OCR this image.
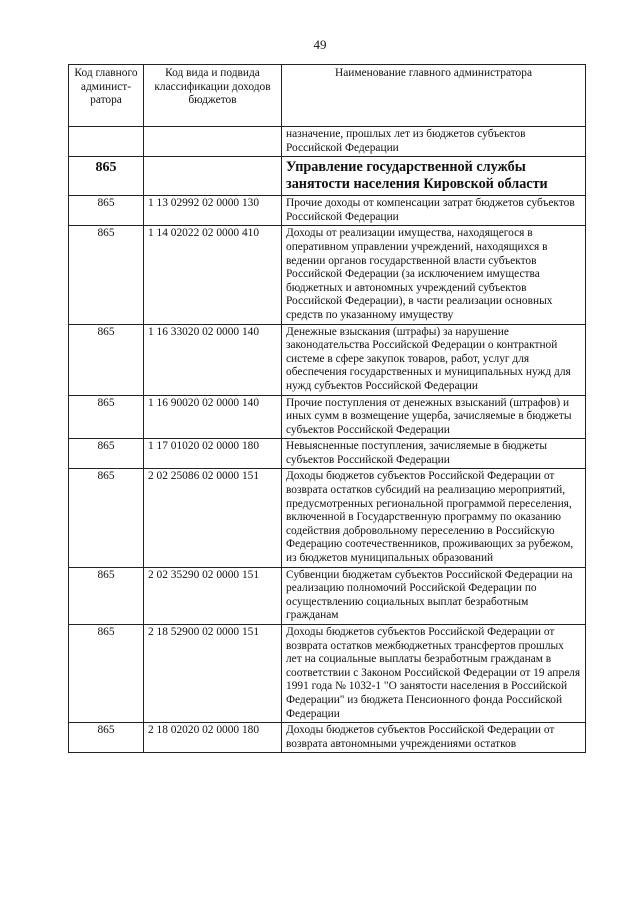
49
Код главного админист-ратора	Код вида и подвида классификации доходов бюджетов	Наименование главного администратора
		назначение, прошлых лет из бюджетов субъектов Российской Федерации
865		Управление государственной службы занятости населения Кировской области
865	1 13 02992 02 0000 130	Прочие доходы от компенсации затрат бюджетов субъектов Российской Федерации
865	1 14 02022 02 0000 410	Доходы от реализации имущества, находящегося в оперативном управлении учреждений, находящихся в ведении органов государственной власти субъектов Российской Федерации (за исключением имущества бюджетных и автономных учреждений субъектов Российской Федерации), в части реализации основных средств по указанному имуществу
865	1 16 33020 02 0000 140	Денежные взыскания (штрафы) за нарушение законодательства Российской Федерации о контрактной системе в сфере закупок товаров, работ, услуг для обеспечения государственных и муниципальных нужд для нужд субъектов Российской Федерации
865	1 16 90020 02 0000 140	Прочие поступления от денежных взысканий (штрафов) и иных сумм в возмещение ущерба, зачисляемые в бюджеты субъектов Российской Федерации
865	1 17 01020 02 0000 180	Невыясненные поступления, зачисляемые в бюджеты субъектов Российской Федерации
865	2 02 25086 02 0000 151	Доходы бюджетов субъектов Российской Федерации от возврата остатков субсидий на реализацию мероприятий, предусмотренных региональной программой переселения, включенной в Государственную программу по оказанию содействия добровольному переселению в Российскую Федерацию соотечественников, проживающих за рубежом, из бюджетов муниципальных образований
865	2 02 35290 02 0000 151	Субвенции бюджетам субъектов Российской Федерации на реализацию полномочий Российской Федерации по осуществлению социальных выплат безработным гражданам
865	2 18 52900 02 0000 151	Доходы бюджетов субъектов Российской Федерации от возврата остатков межбюджетных трансфертов прошлых лет на социальные выплаты безработным гражданам в соответствии с Законом Российской Федерации от 19 апреля 1991 года № 1032-1 "О занятости населения в Российской Федерации" из бюджета Пенсионного фонда Российской Федерации
865	2 18 02020 02 0000 180	Доходы бюджетов субъектов Российской Федерации от возврата автономными учреждениями остатков
